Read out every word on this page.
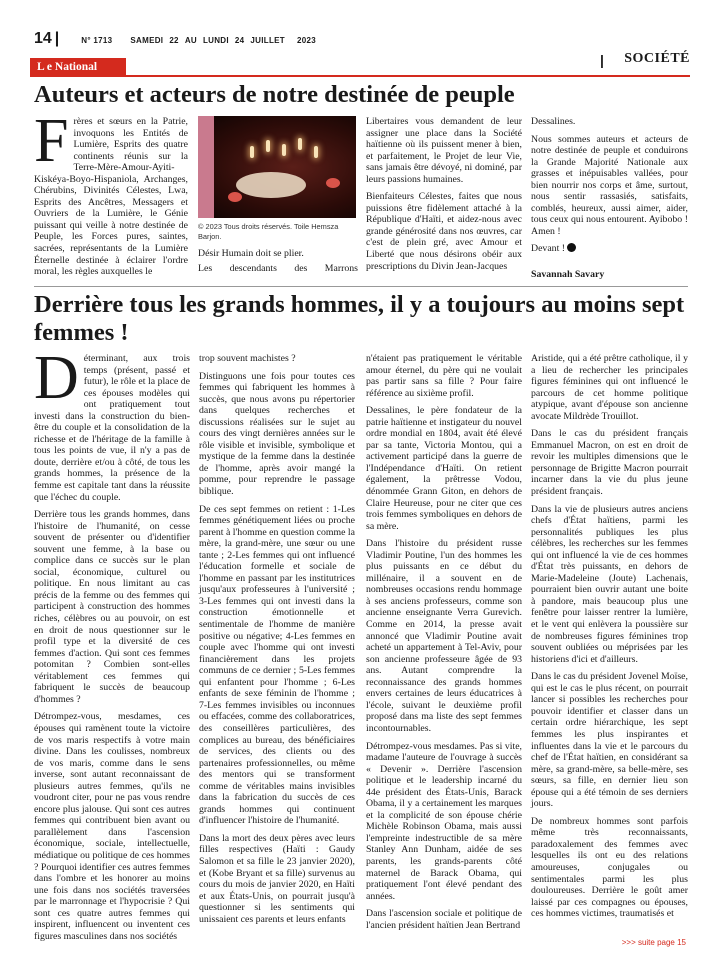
14 |	N° 1713 SAMEDI 22 AU LUNDI 24 JUILLET 2023
L e National	| SOCIÉTÉ
Auteurs et acteurs de notre destinée de peuple

Frères et sœurs en la Patrie, invoquons les Entités de Lumière, Esprits des quatre continents réunis sur la Terre-Mère-Amour-Ayiti-Kiskéya-Boyo-Hispaniola, Archanges, Chérubins, Divinités Célestes, Lwa, Esprits des Ancêtres, Messagers et Ouvriers de la Lumière, le Génie puissant qui veille à notre destinée de Peuple, les Forces pures, saintes, sacrées, représentants de la Lumière Éternelle destinée à éclairer l'ordre moral, les règles auxquelles le

© 2023 Tous droits réservés. Toile Hemsza Barjon.

Désir Humain doit se plier.

Les descendants des Marrons

Libertaires vous demandent de leur assigner une place dans la Société haïtienne où ils puissent mener à bien, et parfaitement, le Projet de leur Vie, sans jamais être dévoyé, ni dominé, par leurs passions humaines.

Bienfaiteurs Célestes, faites que nous puissions être fidèlement attaché à la République d'Haïti, et aidez-nous avec grande générosité dans nos œuvres, car c'est de plein gré, avec Amour et Liberté que nous désirons obéir aux prescriptions du Divin Jean-Jacques

Dessalines.

Nous sommes auteurs et acteurs de notre destinée de peuple et conduirons la Grande Majorité Nationale aux grasses et inépuisables vallées, pour bien nourrir nos corps et âme, surtout, nous sentir rassasiés, satisfaits, comblés, heureux, aussi aimer, aider, tous ceux qui nous entourent. Ayibobo ! Amen !

Devant !

Savannah Savary

Derrière tous les grands hommes, il y a toujours au moins sept femmes !

Déterminant, aux trois temps (présent, passé et futur), le rôle et la place de ces épouses modèles qui ont pratiquement tout investi dans la construction du bien-être du couple et la consolidation de la richesse et de l'héritage de la famille à tous les points de vue, il n'y a pas de doute, derrière et/ou à côté, de tous les grands hommes, la présence de la femme est capitale tant dans la réussite que l'échec du couple.

Derrière tous les grands hommes, dans l'histoire de l'humanité, on cesse souvent de présenter ou d'identifier souvent une femme, à la base ou complice dans ce succès sur le plan social, économique, culturel ou politique. En nous limitant au cas précis de la femme ou des femmes qui participent à construction des hommes riches, célèbres ou au pouvoir, on est en droit de nous questionner sur le profil type et la diversité de ces femmes d'action. Qui sont ces femmes potomitan ? Combien sont-elles véritablement ces femmes qui fabriquent le succès de beaucoup d'hommes ?

Détrompez-vous, mesdames, ces épouses qui ramènent toute la victoire de vos maris respectifs à votre main divine. Dans les coulisses, nombreux de vos maris, comme dans le sens inverse, sont autant reconnaissant de plusieurs autres femmes, qu'ils ne voudront citer, pour ne pas vous rendre encore plus jalouse. Qui sont ces autres femmes qui contribuent bien avant ou parallèlement dans l'ascension économique, sociale, intellectuelle, médiatique ou politique de ces hommes ? Pourquoi identifier ces autres femmes dans l'ombre et les honorer au moins une fois dans nos sociétés traversées par le marronnage et l'hypocrisie ? Qui sont ces quatre autres femmes qui inspirent, influencent ou inventent ces figures masculines dans nos sociétés

trop souvent machistes ?

Distinguons une fois pour toutes ces femmes qui fabriquent les hommes à succès, que nous avons pu répertorier dans quelques recherches et discussions réalisées sur le sujet au cours des vingt dernières années sur le rôle visible et invisible, symbolique et mystique de la femme dans la destinée de l'homme, après avoir mangé la pomme, pour reprendre le passage biblique.

De ces sept femmes on retient : 1-Les femmes génétiquement liées ou proche parent à l'homme en question comme la mère, la grand-mère, une sœur ou une tante ; 2-Les femmes qui ont influencé l'éducation formelle et sociale de l'homme en passant par les institutrices jusqu'aux professeures à l'université ; 3-Les femmes qui ont investi dans la construction émotionnelle et sentimentale de l'homme de manière positive ou négative; 4-Les femmes en couple avec l'homme qui ont investi financièrement dans les projets communs de ce dernier ; 5-Les femmes qui enfantent pour l'homme ; 6-Les enfants de sexe féminin de l'homme ; 7-Les femmes invisibles ou inconnues ou effacées, comme des collaboratrices, des conseillères particulières, des complices au bureau, des bénéficiaires de services, des clients ou des partenaires professionnelles, ou même des mentors qui se transforment comme de véritables mains invisibles dans la fabrication du succès de ces grands hommes qui continuent d'influencer l'histoire de l'humanité.

Dans la mort des deux pères avec leurs filles respectives (Haïti : Gaudy Salomon et sa fille le 23 janvier 2020), et (Kobe Bryant et sa fille) survenus au cours du mois de janvier 2020, en Haïti et aux États-Unis, on pourrait jusqu'à questionner si les sentiments qui unissaient ces parents et leurs enfants

n'étaient pas pratiquement le véritable amour éternel, du père qui ne voulait pas partir sans sa fille ? Pour faire référence au sixième profil.

Dessalines, le père fondateur de la patrie haïtienne et instigateur du nouvel ordre mondial en 1804, avait été élevé par sa tante, Victoria Montou, qui a activement participé dans la guerre de l'Indépendance d'Haïti. On retient également, la prêtresse Vodou, dénommée Grann Giton, en dehors de Claire Heureuse, pour ne citer que ces trois femmes symboliques en dehors de sa mère.

Dans l'histoire du président russe Vladimir Poutine, l'un des hommes les plus puissants en ce début du millénaire, il a souvent en de nombreuses occasions rendu hommage à ses anciens professeurs, comme son ancienne enseignante Verra Gurevich. Comme en 2014, la presse avait annoncé que Vladimir Poutine avait acheté un appartement à Tel-Aviv, pour son ancienne professeure âgée de 93 ans. Autant comprendre la reconnaissance des grands hommes envers certaines de leurs éducatrices à l'école, suivant le deuxième profil proposé dans ma liste des sept femmes incontournables.

Détrompez-vous mesdames. Pas si vite, madame l'auteure de l'ouvrage à succès « Devenir ». Derrière l'ascension politique et le leadership incarné du 44e président des États-Unis, Barack Obama, il y a certainement les marques et la complicité de son épouse chérie Michèle Robinson Obama, mais aussi l'empreinte indestructible de sa mère Stanley Ann Dunham, aidée de ses parents, les grands-parents côté maternel de Barack Obama, qui pratiquement l'ont élevé pendant des années.

Dans l'ascension sociale et politique de l'ancien président haïtien Jean Bertrand

Aristide, qui a été prêtre catholique, il y a lieu de rechercher les principales figures féminines qui ont influencé le parcours de cet homme politique atypique, avant d'épouse son ancienne avocate Mildrède Trouillot.

Dans le cas du président français Emmanuel Macron, on est en droit de revoir les multiples dimensions que le personnage de Brigitte Macron pourrait incarner dans la vie du plus jeune président français.

Dans la vie de plusieurs autres anciens chefs d'État haïtiens, parmi les personnalités publiques les plus célèbres, les recherches sur les femmes qui ont influencé la vie de ces hommes d'État très puissants, en dehors de Marie-Madeleine (Joute) Lachenais, pourraient bien ouvrir autant une boite à pandore, mais beaucoup plus une fenêtre pour laisser rentrer la lumière, et le vent qui enlèvera la poussière sur de nombreuses figures féminines trop souvent oubliées ou méprisées par les historiens d'ici et d'ailleurs.

Dans le cas du président Jovenel Moïse, qui est le cas le plus récent, on pourrait lancer si possibles les recherches pour pouvoir identifier et classer dans un certain ordre hiérarchique, les sept femmes les plus inspirantes et influentes dans la vie et le parcours du chef de l'État haïtien, en considérant sa mère, sa grand-mère, sa belle-mère, ses sœurs, sa fille, en dernier lieu son épouse qui a été témoin de ses derniers jours.

De nombreux hommes sont parfois même très reconnaissants, paradoxalement des femmes avec lesquelles ils ont eu des relations amoureuses, conjugales ou sentimentales parmi les plus douloureuses. Derrière le goût amer laissé par ces compagnes ou épouses, ces hommes victimes, traumatisés et

>>> suite page 15
